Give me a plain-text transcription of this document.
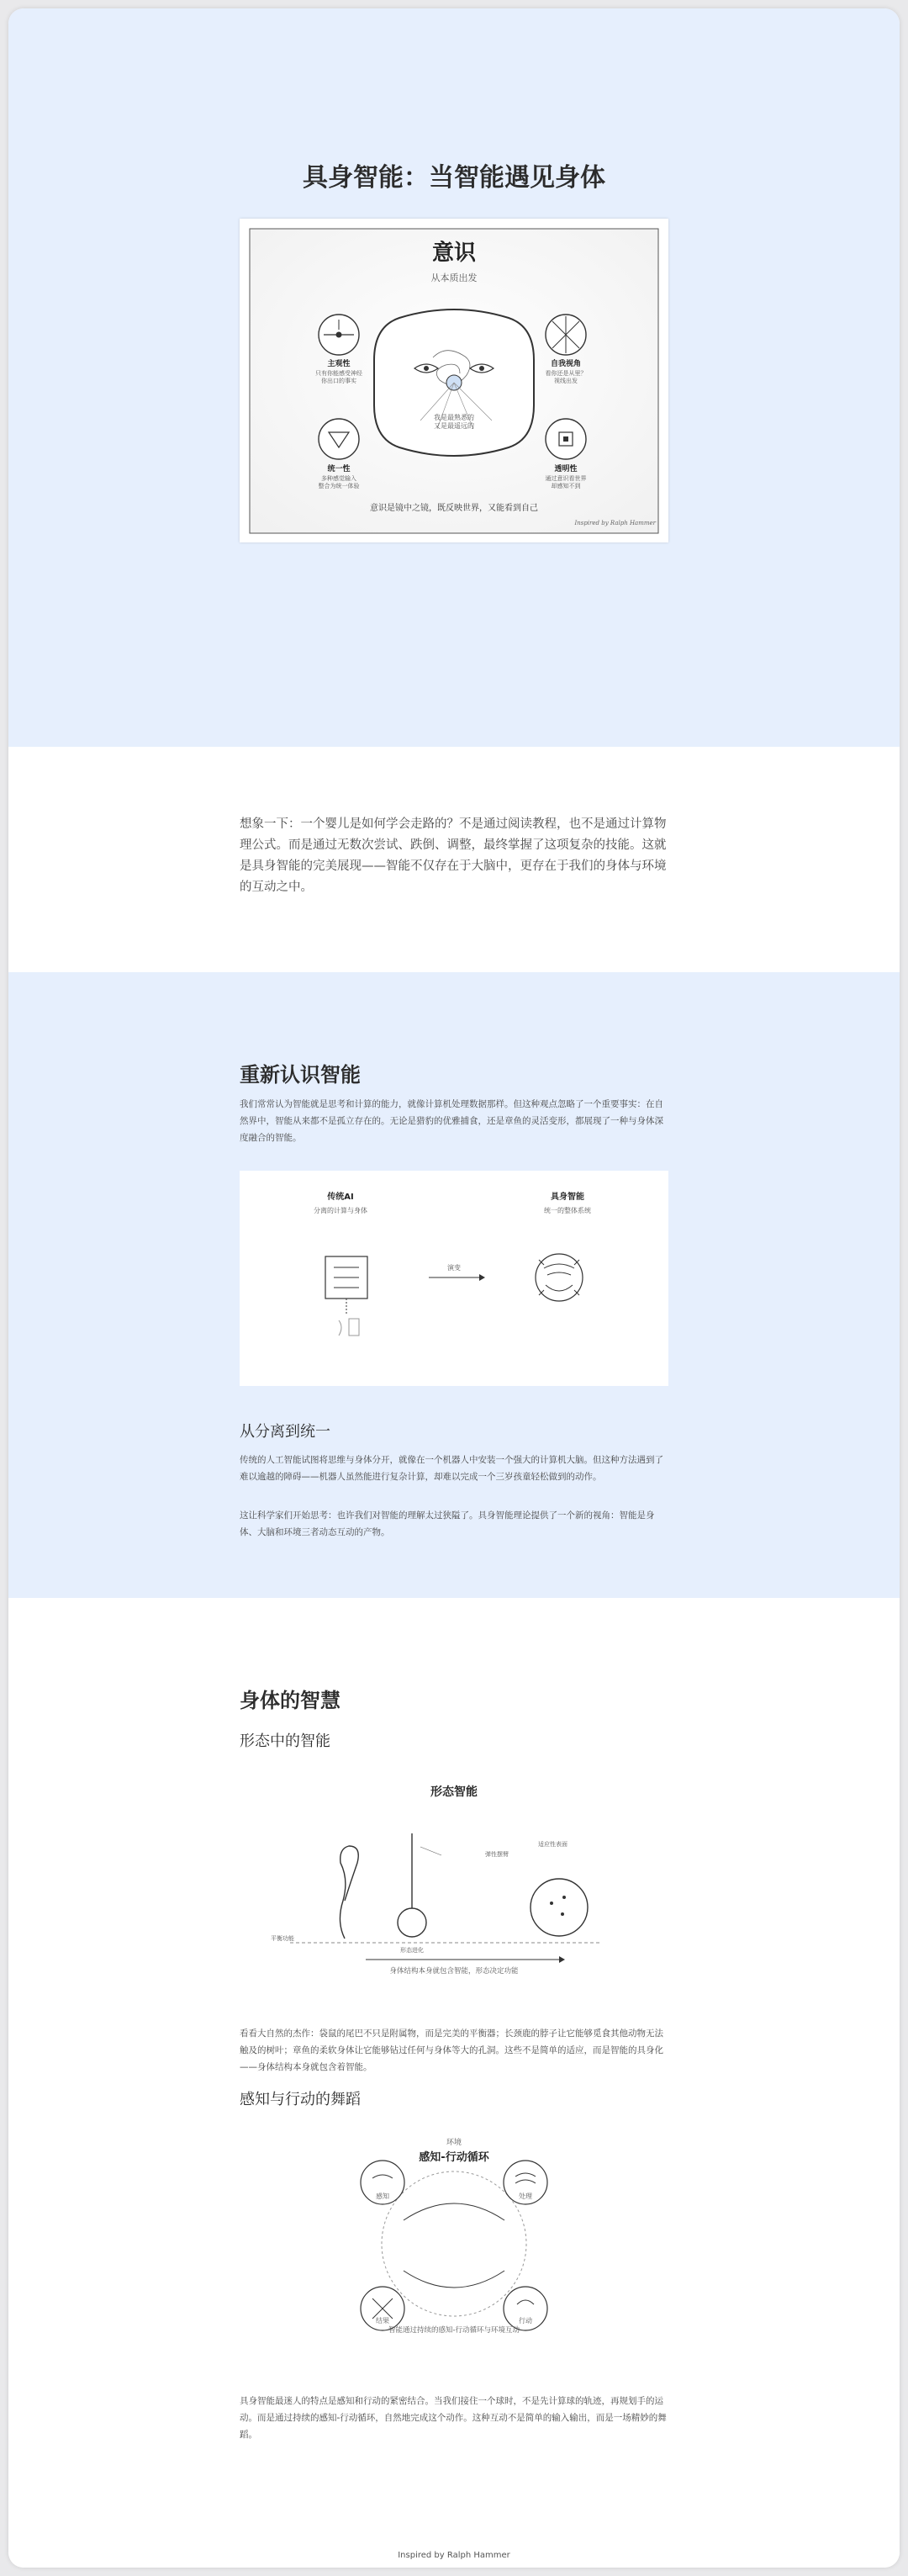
具身智能：当智能遇见身体
意识
从本质出发
主观性
只有你能感受神经
你出口的事实
自我视角
看你还是从里？
视线出发
统一性
多种感觉输入
整合为统一体验
透明性
通过意识看世界
却感知不到
我是最熟悉的
又是最遥远的
意识是镜中之镜，既反映世界，又能看到自己
Inspired by Ralph Hammer
想象一下：一个婴儿是如何学会走路的？不是通过阅读教程，也不是通过计算物理公式。而是通过无数次尝试、跌倒、调整，最终掌握了这项复杂的技能。这就是具身智能的完美展现——智能不仅存在于大脑中，更存在于我们的身体与环境的互动之中。
重新认识智能
我们常常认为智能就是思考和计算的能力，就像计算机处理数据那样。但这种观点忽略了一个重要事实：在自然界中，智能从来都不是孤立存在的。无论是猎豹的优雅捕食，还是章鱼的灵活变形，都展现了一种与身体深度融合的智能。
传统AI
分离的计算与身体
具身智能
统一的整体系统
演变
从分离到统一
传统的人工智能试图将思维与身体分开，就像在一个机器人中安装一个强大的计算机大脑。但这种方法遇到了难以逾越的障碍——机器人虽然能进行复杂计算，却难以完成一个三岁孩童轻松做到的动作。
这让科学家们开始思考：也许我们对智能的理解太过狭隘了。具身智能理论提供了一个新的视角：智能是身体、大脑和环境三者动态互动的产物。
身体的智慧
形态中的智能
形态智能
弹性摆臂
适应性表面
平衡功能
形态进化
身体结构本身就包含智能，形态决定功能
看看大自然的杰作：袋鼠的尾巴不只是附属物，而是完美的平衡器；长颈鹿的脖子让它能够觅食其他动物无法触及的树叶；章鱼的柔软身体让它能够钻过任何与身体等大的孔洞。这些不是简单的适应，而是智能的具身化——身体结构本身就包含着智能。
感知与行动的舞蹈
环境
感知-行动循环
感知	处理
结果	行动
智能通过持续的感知-行动循环与环境互动
具身智能最迷人的特点是感知和行动的紧密结合。当我们接住一个球时，不是先计算球的轨迹，再规划手的运动。而是通过持续的感知-行动循环，自然地完成这个动作。这种互动不是简单的输入输出，而是一场精妙的舞蹈。
Inspired by Ralph Hammer
